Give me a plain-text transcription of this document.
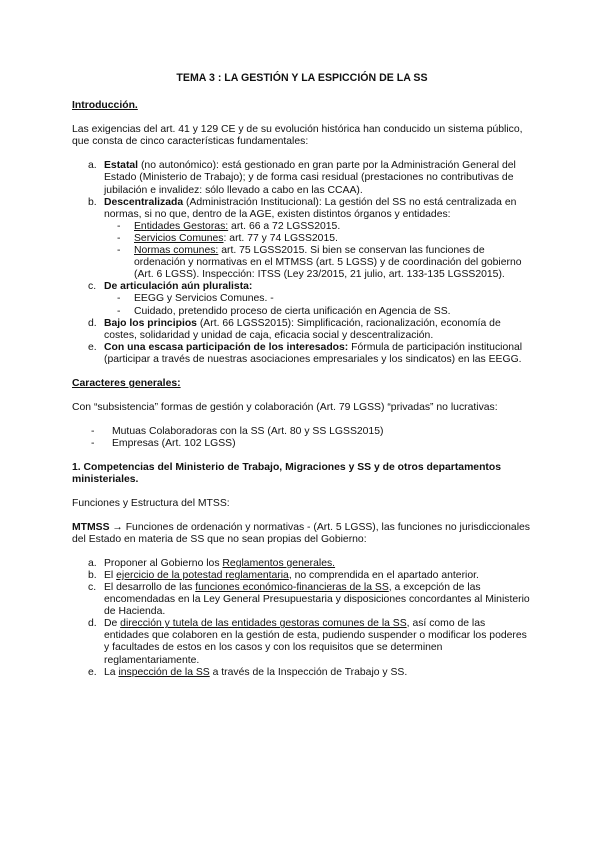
TEMA 3 : LA GESTIÓN Y LA ESPICCIÓN DE LA SS
Introducción.

Las exigencias del art. 41 y 129 CE y de su evolución histórica han conducido un sistema público, que consta de cinco características fundamentales:

a. Estatal (no autonómico): está gestionado en gran parte por la Administración General del Estado (Ministerio de Trabajo); y de forma casi residual (prestaciones no contributivas de jubilación e invalidez: sólo llevado a cabo en las CCAA).
b. Descentralizada (Administración Institucional): La gestión del SS no está centralizada en normas, si no que, dentro de la AGE, existen distintos órganos y entidades:
- Entidades Gestoras: art. 66 a 72 LGSS2015.
- Servicios Comunes: art. 77 y 74 LGSS2015.
- Normas comunes: art. 75 LGSS2015. Si bien se conservan las funciones de ordenación y normativas en el MTMSS (art. 5 LGSS) y de coordinación del gobierno (Art. 6 LGSS). Inspección: ITSS (Ley 23/2015, 21 julio, art. 133-135 LGSS2015).
c. De articulación aún pluralista:
- EEGG y Servicios Comunes. -
- Cuidado, pretendido proceso de cierta unificación en Agencia de SS.
d. Bajo los principios (Art. 66 LGSS2015): Simplificación, racionalización, economía de costes, solidaridad y unidad de caja, eficacia social y descentralización.
e. Con una escasa participación de los interesados: Fórmula de participación institucional (participar a través de nuestras asociaciones empresariales y los sindicatos) en las EEGG.
Caracteres generales:

Con “subsistencia” formas de gestión y colaboración (Art. 79 LGSS) “privadas” no lucrativas:

- Mutuas Colaboradoras con la SS (Art. 80 y SS LGSS2015)
- Empresas (Art. 102 LGSS)
1. Competencias del Ministerio de Trabajo, Migraciones y SS y de otros departamentos ministeriales.

Funciones y Estructura del MTSS:

MTMSS → Funciones de ordenación y normativas - (Art. 5 LGSS), las funciones no jurisdiccionales del Estado en materia de SS que no sean propias del Gobierno:

a. Proponer al Gobierno los Reglamentos generales.
b. El ejercicio de la potestad reglamentaria, no comprendida en el apartado anterior.
c. El desarrollo de las funciones económico-financieras de la SS, a excepción de las encomendadas en la Ley General Presupuestaria y disposiciones concordantes al Ministerio de Hacienda.
d. De dirección y tutela de las entidades gestoras comunes de la SS, así como de las entidades que colaboren en la gestión de esta, pudiendo suspender o modificar los poderes y facultades de estos en los casos y con los requisitos que se determinen reglamentariamente.
e. La inspección de la SS a través de la Inspección de Trabajo y SS.
